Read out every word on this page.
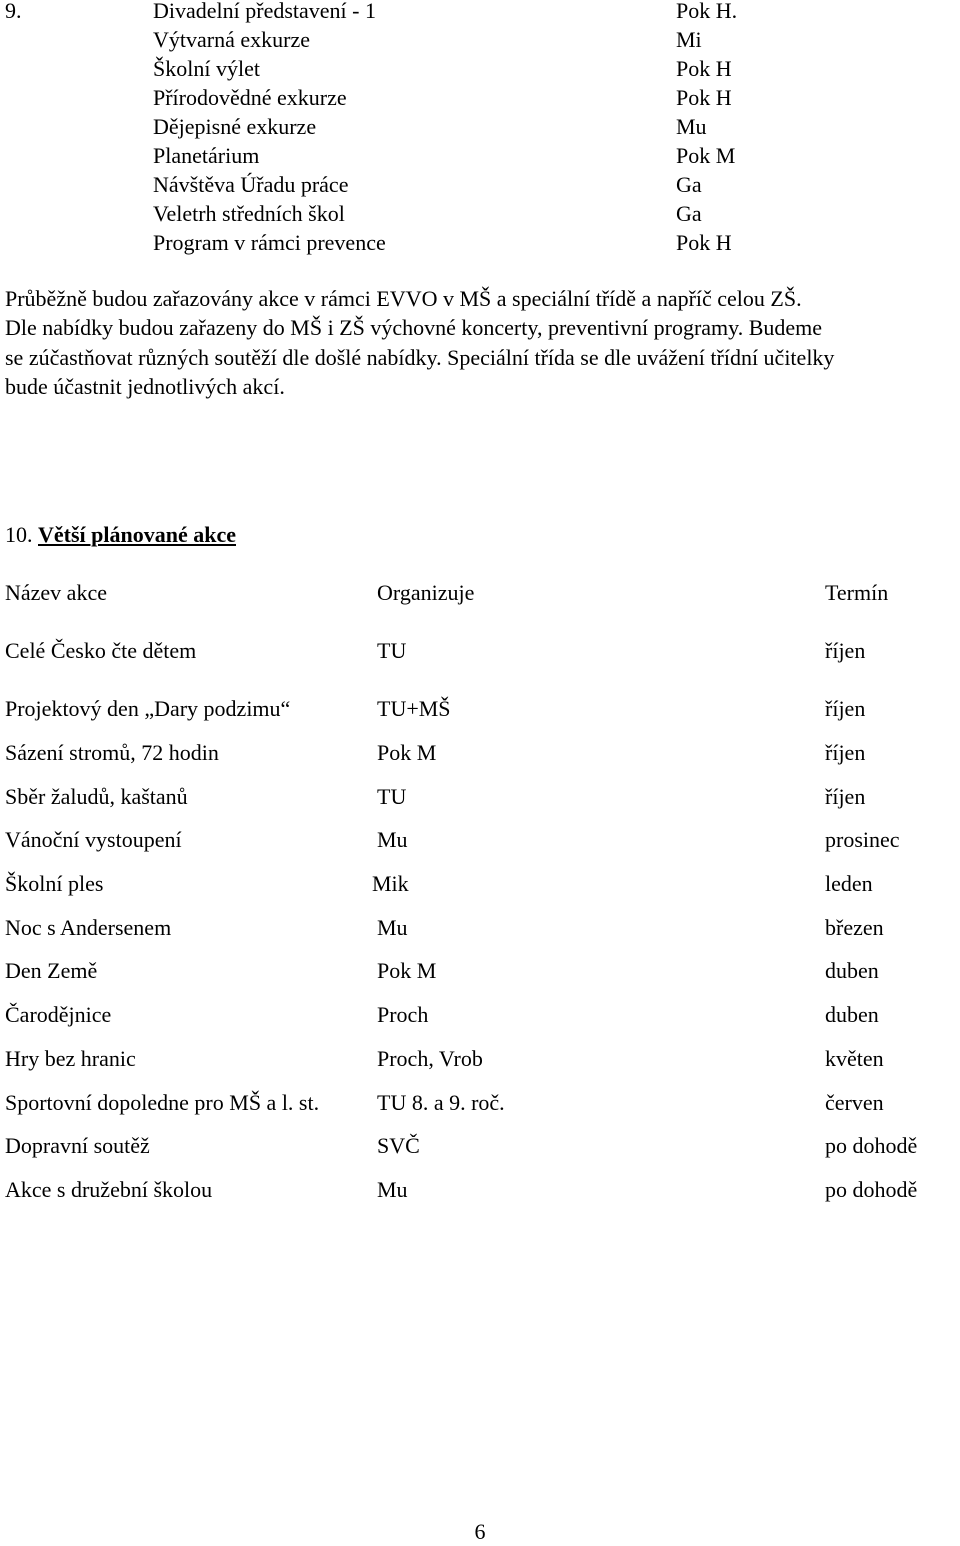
9.	Divadelní představení - 1	Pok H.
Výtvarná exkurze	Mi
Školní výlet	Pok H
Přírodovědné exkurze	Pok H
Dějepisné exkurze	Mu
Planetárium	Pok M
Návštěva Úřadu práce	Ga
Veletrh středních škol	Ga
Program v rámci prevence	Pok H
Průběžně budou zařazovány akce v rámci EVVO v MŠ a speciální třídě a napříč celou ZŠ.
Dle nabídky budou zařazeny do MŠ i ZŠ výchovné koncerty, preventivní programy. Budeme
se zúčastňovat různých soutěží dle došlé nabídky. Speciální třída se dle uvážení třídní učitelky
bude účastnit jednotlivých akcí.
10. Větší plánované akce
Název akce	Organizuje	Termín
Celé Česko čte dětem	TU	říjen
Projektový den „Dary podzimu“	TU+MŠ	říjen
Sázení stromů, 72 hodin	Pok M	říjen
Sběr žaludů, kaštanů	TU	říjen
Vánoční vystoupení	Mu	prosinec
Školní ples	Mik	leden
Noc s Andersenem	Mu	březen
Den Země	Pok M	duben
Čarodějnice	Proch	duben
Hry bez hranic	Proch, Vrob	květen
Sportovní dopoledne pro MŠ a l. st.	TU 8. a 9. roč.	červen
Dopravní soutěž	SVČ	po dohodě
Akce s družební školou	Mu	po dohodě
6
